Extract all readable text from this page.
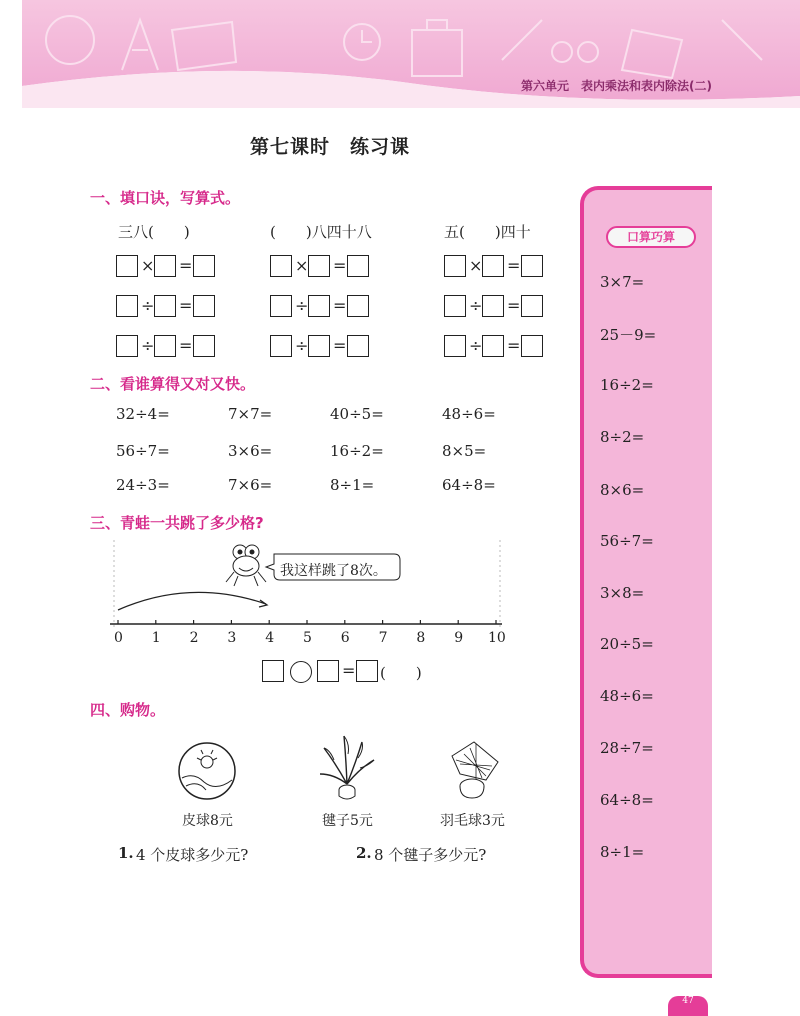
第六单元　表内乘法和表内除法(二)
第七课时　练习课
一、填口诀，写算式。
三八(　　)	(　　)八四十八	五(　　)四十
× =	× =	× =
÷ =	÷ =	÷ =
÷ =	÷ =	÷ =
二、看谁算得又对又快。
32÷4=	7×7=	40÷5=	48÷6=
56÷7=	3×6=	16÷2=	8×5=
24÷3=	7×6=	8÷1=	64÷8=
三、青蛙一共跳了多少格?
我这样跳了8次。
0 1 2 3 4 5 6 7 8 9 10
= (　　)
四、购物。
皮球8元	毽子5元	羽毛球3元
1. 4 个皮球多少元?	2. 8 个毽子多少元?
口算巧算
3×7=
25－9=
16÷2=
8÷2=
8×6=
56÷7=
3×8=
20÷5=
48÷6=
28÷7=
64÷8=
8÷1=
47
